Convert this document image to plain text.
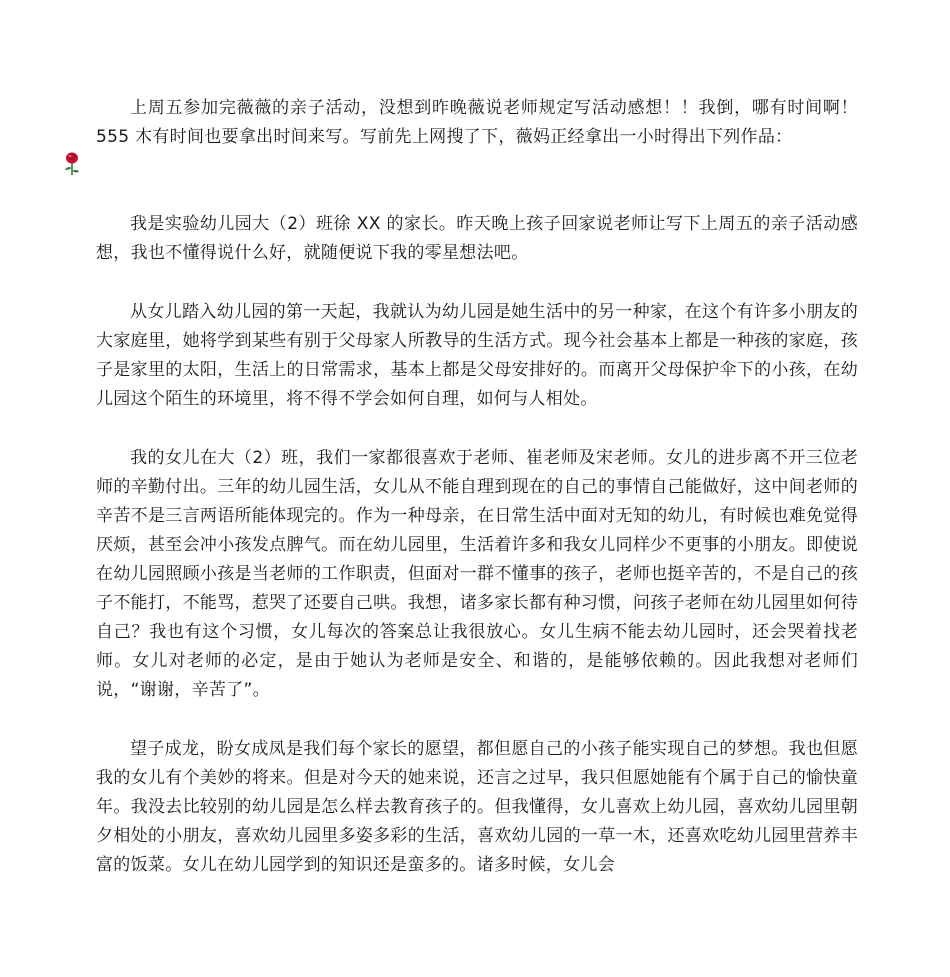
上周五参加完薇薇的亲子活动，没想到昨晚薇说老师规定写活动感想！！我倒，哪有时间啊！555 木有时间也要拿出时间来写。写前先上网搜了下，薇妈正经拿出一小时得出下列作品：

我是实验幼儿园大（2）班徐 XX 的家长。昨天晚上孩子回家说老师让写下上周五的亲子活动感想，我也不懂得说什么好，就随便说下我的零星想法吧。

从女儿踏入幼儿园的第一天起，我就认为幼儿园是她生活中的另一种家，在这个有许多小朋友的大家庭里，她将学到某些有别于父母家人所教导的生活方式。现今社会基本上都是一种孩的家庭，孩子是家里的太阳，生活上的日常需求，基本上都是父母安排好的。而离开父母保护伞下的小孩，在幼儿园这个陌生的环境里，将不得不学会如何自理，如何与人相处。

我的女儿在大（2）班，我们一家都很喜欢于老师、崔老师及宋老师。女儿的进步离不开三位老师的辛勤付出。三年的幼儿园生活，女儿从不能自理到现在的自己的事情自己能做好，这中间老师的辛苦不是三言两语所能体现完的。作为一种母亲，在日常生活中面对无知的幼儿，有时候也难免觉得厌烦，甚至会冲小孩发点脾气。而在幼儿园里，生活着许多和我女儿同样少不更事的小朋友。即使说在幼儿园照顾小孩是当老师的工作职责，但面对一群不懂事的孩子，老师也挺辛苦的，不是自己的孩子不能打，不能骂，惹哭了还要自己哄。我想，诸多家长都有种习惯，问孩子老师在幼儿园里如何待自己？我也有这个习惯，女儿每次的答案总让我很放心。女儿生病不能去幼儿园时，还会哭着找老师。女儿对老师的必定，是由于她认为老师是安全、和谐的，是能够依赖的。因此我想对老师们说，“谢谢，辛苦了”。

望子成龙，盼女成凤是我们每个家长的愿望，都但愿自己的小孩子能实现自己的梦想。我也但愿我的女儿有个美妙的将来。但是对今天的她来说，还言之过早，我只但愿她能有个属于自己的愉快童年。我没去比较别的幼儿园是怎么样去教育孩子的。但我懂得，女儿喜欢上幼儿园，喜欢幼儿园里朝夕相处的小朋友，喜欢幼儿园里多姿多彩的生活，喜欢幼儿园的一草一木，还喜欢吃幼儿园里营养丰富的饭菜。女儿在幼儿园学到的知识还是蛮多的。诸多时候，女儿会
